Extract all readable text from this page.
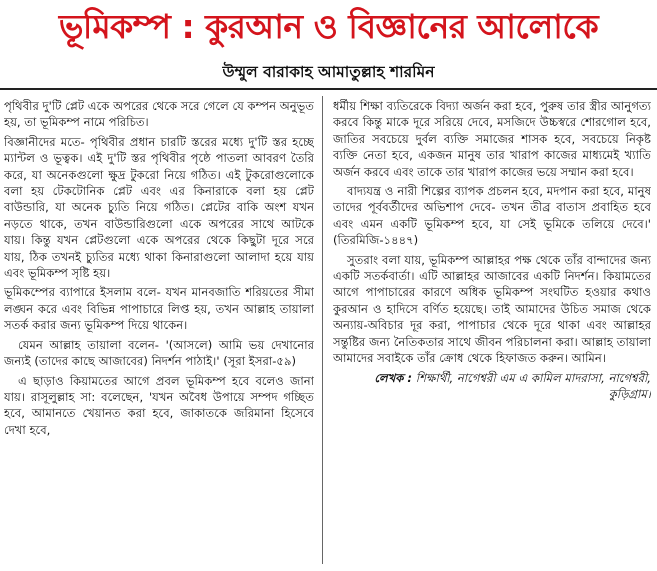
ভূমিকম্প : কুরআন ও বিজ্ঞানের আলোকে
উম্মুল বারাকাহ আমাতুল্লাহ শারমিন

পৃথিবীর দু'টি প্লেট একে অপরের থেকে সরে গেলে যে কম্পন অনুভূত হয়, তা ভূমিকম্প নামে পরিচিত।

বিজ্ঞানীদের মতে- পৃথিবীর প্রধান চারটি স্তরের মধ্যে দু'টি স্তর হচ্ছে ম্যান্টল ও ভূত্বক। এই দু'টি স্তর পৃথিবীর পৃষ্ঠে পাতলা আবরণ তৈরি করে, যা অনেকগুলো ক্ষুদ্র টুকরো নিয়ে গঠিত। এই টুকরোগুলোকে বলা হয় টেকটোনিক প্লেট এবং এর কিনারাকে বলা হয় প্লেট বাউন্ডারি, যা অনেক চ্যুতি নিয়ে গঠিত। প্লেটের বাকি অংশ যখন নড়তে থাকে, তখন বাউন্ডারিগুলো একে অপরের সাথে আটকে যায়। কিন্তু যখন প্লেটগুলো একে অপরের থেকে কিছুটা দূরে সরে যায়, ঠিক তখনই চ্যুতির মধ্যে থাকা কিনারাগুলো আলাদা হয়ে যায় এবং ভূমিকম্প সৃষ্টি হয়।

ভূমিকম্পের ব্যাপারে ইসলাম বলে- যখন মানবজাতি শরিয়তের সীমা লঙ্ঘন করে এবং বিভিন্ন পাপাচারে লিপ্ত হয়, তখন আল্লাহ তায়ালা সতর্ক করার জন্য ভূমিকম্প দিয়ে থাকেন।

যেমন আল্লাহ তায়ালা বলেন- '(আসলে) আমি ভয় দেখানোর জন্যই (তাদের কাছে আজাবের) নিদর্শন পাঠাই।' (সূরা ইসরা-৫৯)

এ ছাড়াও কিয়ামতের আগে প্রবল ভূমিকম্প হবে বলেও জানা যায়। রাসূলুল্লাহ সা: বলেছেন, 'যখন অবৈধ উপায়ে সম্পদ গচ্ছিত হবে, আমানতে খেয়ানত করা হবে, জাকাতকে জরিমানা হিসেবে দেখা হবে,

ধর্মীয় শিক্ষা ব্যতিরেকে বিদ্যা অর্জন করা হবে, পুরুষ তার স্ত্রীর আনুগত্য করবে কিন্তু মাকে দূরে সরিয়ে দেবে, মসজিদে উচ্চস্বরে শোরগোল হবে, জাতির সবচেয়ে দুর্বল ব্যক্তি সমাজের শাসক হবে, সবচেয়ে নিকৃষ্ট ব্যক্তি নেতা হবে, একজন মানুষ তার খারাপ কাজের মাধ্যমেই খ্যাতি অর্জন করবে এবং তাকে তার খারাপ কাজের ভয়ে সম্মান করা হবে।

বাদ্যযন্ত্র ও নারী শিল্পের ব্যাপক প্রচলন হবে, মদপান করা হবে, মানুষ তাদের পূর্ববর্তীদের অভিশাপ দেবে- তখন তীব্র বাতাস প্রবাহিত হবে এবং এমন একটি ভূমিকম্প হবে, যা সেই ভূমিকে তলিয়ে দেবে।' (তিরমিজি-১৪৪৭)

সুতরাং বলা যায়, ভূমিকম্প আল্লাহর পক্ষ থেকে তাঁর বান্দাদের জন্য একটি সতর্কবার্তা। এটি আল্লাহর আজাবের একটি নিদর্শন। কিয়ামতের আগে পাপাচারের কারণে অধিক ভূমিকম্প সংঘটিত হওয়ার কথাও কুরআন ও হাদিসে বর্ণিত হয়েছে। তাই আমাদের উচিত সমাজ থেকে অন্যায়-অবিচার দূর করা, পাপাচার থেকে দূরে থাকা এবং আল্লাহর সন্তুষ্টির জন্য নৈতিকতার সাথে জীবন পরিচালনা করা। আল্লাহ তায়ালা আমাদের সবাইকে তাঁর ক্রোধ থেকে হিফাজত করুন। আমিন।

লেখক : শিক্ষার্থী, নাগেশ্বরী এম এ কামিল মাদরাসা, নাগেশ্বরী, কুড়িগ্রাম।
